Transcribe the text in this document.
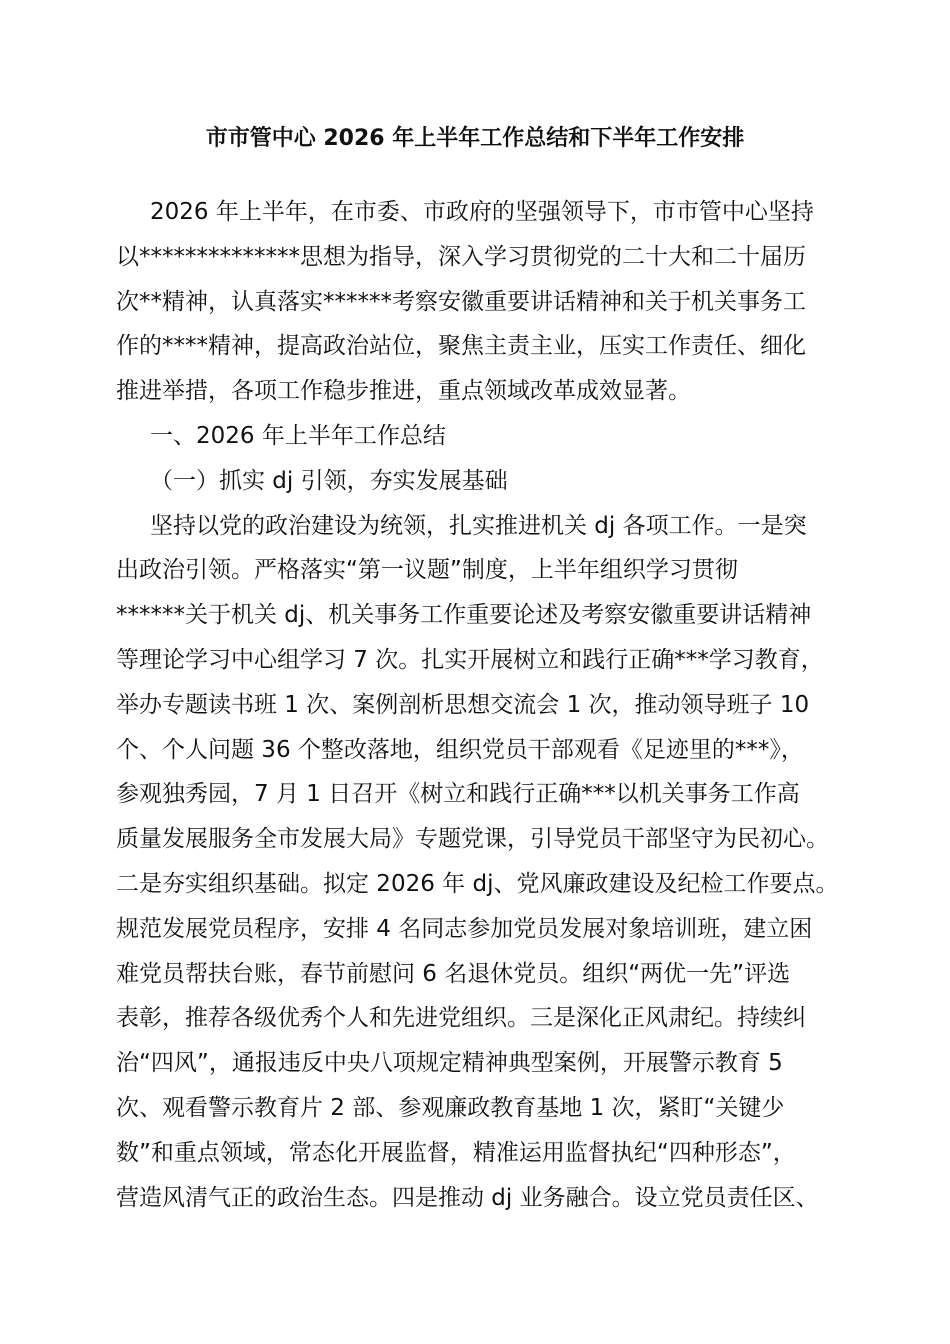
市市管中心 2026 年上半年工作总结和下半年工作安排
2026 年上半年，在市委、市政府的坚强领导下，市市管中心坚持
以**************思想为指导，深入学习贯彻党的二十大和二十届历
次**精神，认真落实******考察安徽重要讲话精神和关于机关事务工
作的****精神，提高政治站位，聚焦主责主业，压实工作责任、细化
推进举措，各项工作稳步推进，重点领域改革成效显著。
一、2026 年上半年工作总结
（一）抓实 dj 引领，夯实发展基础
坚持以党的政治建设为统领，扎实推进机关 dj 各项工作。一是突
出政治引领。严格落实“第一议题”制度，上半年组织学习贯彻
******关于机关 dj、机关事务工作重要论述及考察安徽重要讲话精神
等理论学习中心组学习 7 次。扎实开展树立和践行正确***学习教育，
举办专题读书班 1 次、案例剖析思想交流会 1 次，推动领导班子 10
个、个人问题 36 个整改落地，组织党员干部观看《足迹里的***》，
参观独秀园，7 月 1 日召开《树立和践行正确***以机关事务工作高
质量发展服务全市发展大局》专题党课，引导党员干部坚守为民初心。
二是夯实组织基础。拟定 2026 年 dj、党风廉政建设及纪检工作要点。
规范发展党员程序，安排 4 名同志参加党员发展对象培训班，建立困
难党员帮扶台账，春节前慰问 6 名退休党员。组织“两优一先”评选
表彰，推荐各级优秀个人和先进党组织。三是深化正风肃纪。持续纠
治“四风”，通报违反中央八项规定精神典型案例，开展警示教育 5
次、观看警示教育片 2 部、参观廉政教育基地 1 次，紧盯“关键少
数”和重点领域，常态化开展监督，精准运用监督执纪“四种形态”，
营造风清气正的政治生态。四是推动 dj 业务融合。设立党员责任区、
